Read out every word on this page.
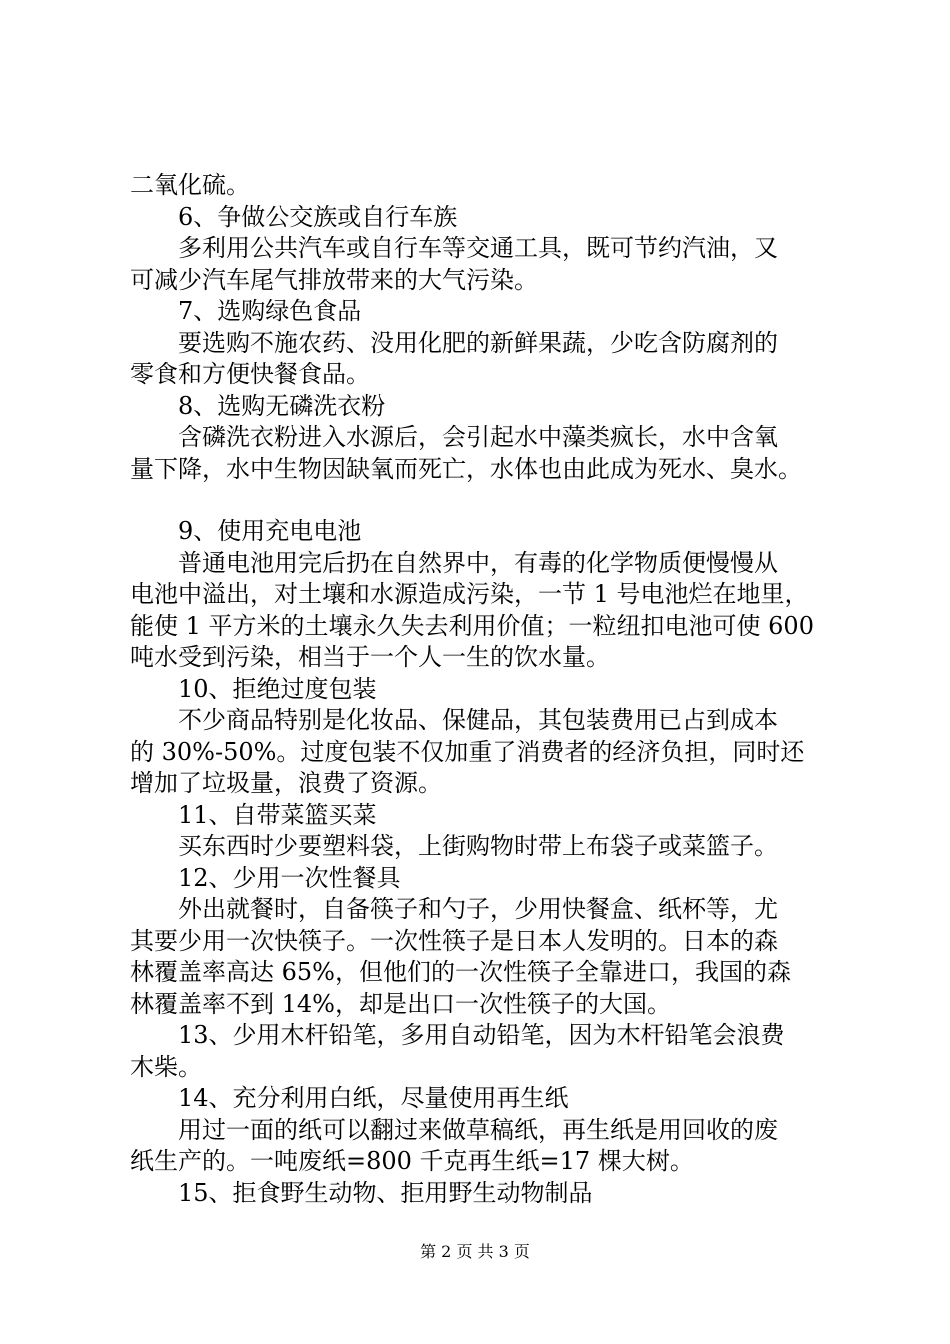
二氧化硫。
6、争做公交族或自行车族
多利用公共汽车或自行车等交通工具，既可节约汽油，又
可减少汽车尾气排放带来的大气污染。
7、选购绿色食品
要选购不施农药、没用化肥的新鲜果蔬，少吃含防腐剂的
零食和方便快餐食品。
8、选购无磷洗衣粉
含磷洗衣粉进入水源后，会引起水中藻类疯长，水中含氧
量下降，水中生物因缺氧而死亡，水体也由此成为死水、臭水。
9、使用充电电池
普通电池用完后扔在自然界中，有毒的化学物质便慢慢从
电池中溢出，对土壤和水源造成污染，一节 1 号电池烂在地里，
能使 1 平方米的土壤永久失去利用价值；一粒纽扣电池可使 600
吨水受到污染，相当于一个人一生的饮水量。
10、拒绝过度包装
不少商品特别是化妆品、保健品，其包装费用已占到成本
的 30%-50%。过度包装不仅加重了消费者的经济负担，同时还
增加了垃圾量，浪费了资源。
11、自带菜篮买菜
买东西时少要塑料袋，上街购物时带上布袋子或菜篮子。
12、少用一次性餐具
外出就餐时，自备筷子和勺子，少用快餐盒、纸杯等，尤
其要少用一次快筷子。一次性筷子是日本人发明的。日本的森
林覆盖率高达 65%，但他们的一次性筷子全靠进口，我国的森
林覆盖率不到 14%，却是出口一次性筷子的大国。
13、少用木杆铅笔，多用自动铅笔，因为木杆铅笔会浪费
木柴。
14、充分利用白纸，尽量使用再生纸
用过一面的纸可以翻过来做草稿纸，再生纸是用回收的废
纸生产的。一吨废纸=800 千克再生纸=17 棵大树。
15、拒食野生动物、拒用野生动物制品
第 2 页 共 3 页
